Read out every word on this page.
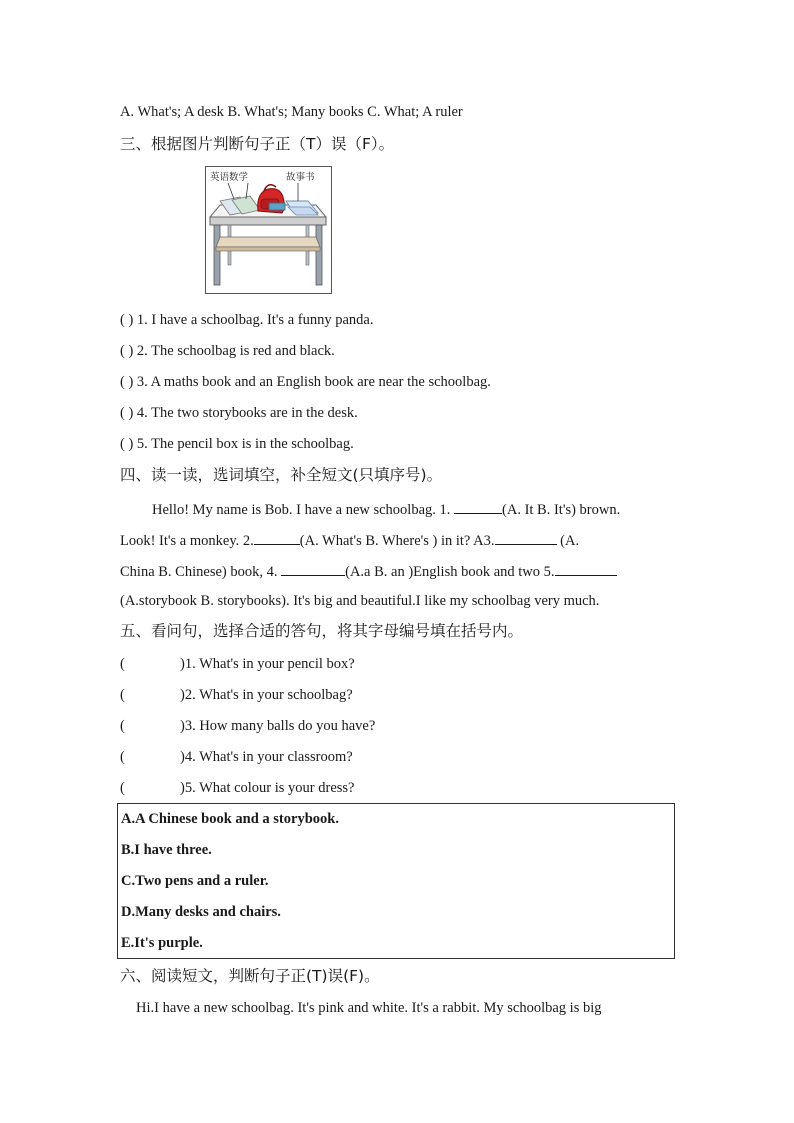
A. What's; A desk B. What's; Many books C. What; A ruler
三、根据图片判断句子正（T）误（F）。
英语数学	故事书
( ) 1. I have a schoolbag. It's a funny panda.
( ) 2. The schoolbag is red and black.
( ) 3. A maths book and an English book are near the schoolbag.
( ) 4. The two storybooks are in the desk.
( ) 5. The pencil box is in the schoolbag.
四、读一读，选词填空，补全短文(只填序号)。
Hello! My name is Bob. I have a new schoolbag. 1.	(A. It B. It's) brown.
Look! It's a monkey. 2.	(A. What's B. Where's ) in it? A3.	(A.
China B. Chinese) book, 4.	(A.a B. an )English book and two 5.
(A.storybook B. storybooks). It's big and beautiful.I like my schoolbag very much.
五、看问句，选择合适的答句，将其字母编号填在括号内。
(	)1. What's in your pencil box?
(	)2. What's in your schoolbag?
(	)3. How many balls do you have?
(	)4. What's in your classroom?
(	)5. What colour is your dress?
A.A Chinese book and a storybook.
B.I have three.
C.Two pens and a ruler.
D.Many desks and chairs.
E.It's purple.
六、阅读短文，判断句子正(T)误(F)。
Hi.I have a new schoolbag. It's pink and white. It's a rabbit. My schoolbag is big
